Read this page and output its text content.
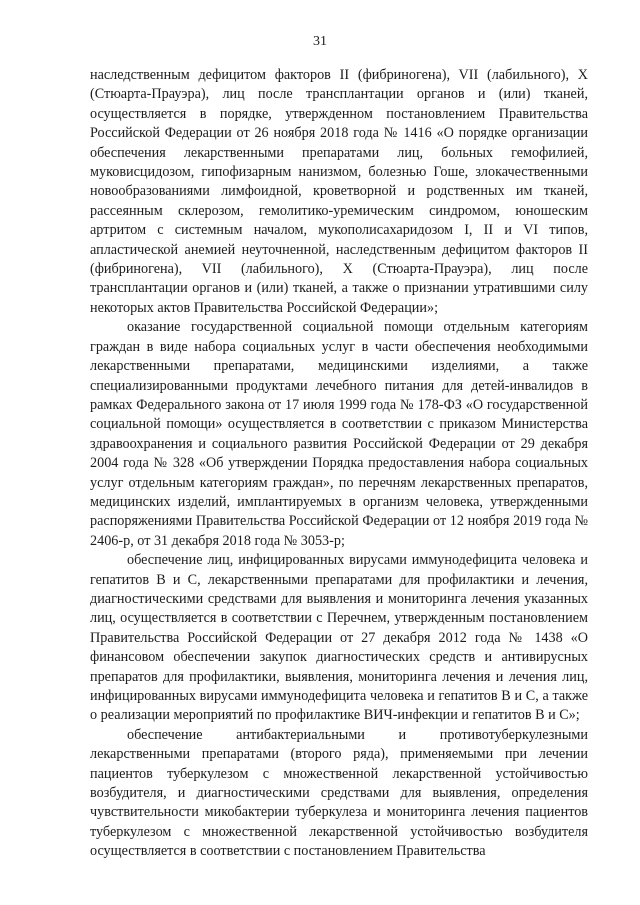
31

наследственным дефицитом факторов II (фибриногена), VII (лабильного), X (Стюарта-Прауэра), лиц после трансплантации органов и (или) тканей, осуществляется в порядке, утвержденном постановлением Правительства Российской Федерации от 26 ноября 2018 года № 1416 «О порядке организации обеспечения лекарственными препаратами лиц, больных гемофилией, муковисцидозом, гипофизарным нанизмом, болезнью Гоше, злокачественными новообразованиями лимфоидной, кроветворной и родственных им тканей, рассеянным склерозом, гемолитико-уремическим синдромом, юношеским артритом с системным началом, мукополисахаридозом I, II и VI типов, апластической анемией неуточненной, наследственным дефицитом факторов II (фибриногена), VII (лабильного), X (Стюарта-Прауэра), лиц после трансплантации органов и (или) тканей, а также о признании утратившими силу некоторых актов Правительства Российской Федерации»;

оказание государственной социальной помощи отдельным категориям граждан в виде набора социальных услуг в части обеспечения необходимыми лекарственными препаратами, медицинскими изделиями, а также специализированными продуктами лечебного питания для детей-инвалидов в рамках Федерального закона от 17 июля 1999 года № 178-ФЗ «О государственной социальной помощи» осуществляется в соответствии с приказом Министерства здравоохранения и социального развития Российской Федерации от 29 декабря 2004 года № 328 «Об утверждении Порядка предоставления набора социальных услуг отдельным категориям граждан», по перечням лекарственных препаратов, медицинских изделий, имплантируемых в организм человека, утвержденными распоряжениями Правительства Российской Федерации от 12 ноября 2019 года № 2406-р, от 31 декабря 2018 года № 3053-р;

обеспечение лиц, инфицированных вирусами иммунодефицита человека и гепатитов В и С, лекарственными препаратами для профилактики и лечения, диагностическими средствами для выявления и мониторинга лечения указанных лиц, осуществляется в соответствии с Перечнем, утвержденным постановлением Правительства Российской Федерации от 27 декабря 2012 года № 1438 «О финансовом обеспечении закупок диагностических средств и антивирусных препаратов для профилактики, выявления, мониторинга лечения и лечения лиц, инфицированных вирусами иммунодефицита человека и гепатитов В и С, а также о реализации мероприятий по профилактике ВИЧ-инфекции и гепатитов В и С»;

обеспечение антибактериальными и противотуберкулезными лекарственными препаратами (второго ряда), применяемыми при лечении пациентов туберкулезом с множественной лекарственной устойчивостью возбудителя, и диагностическими средствами для выявления, определения чувствительности микобактерии туберкулеза и мониторинга лечения пациентов туберкулезом с множественной лекарственной устойчивостью возбудителя осуществляется в соответствии с постановлением Правительства
